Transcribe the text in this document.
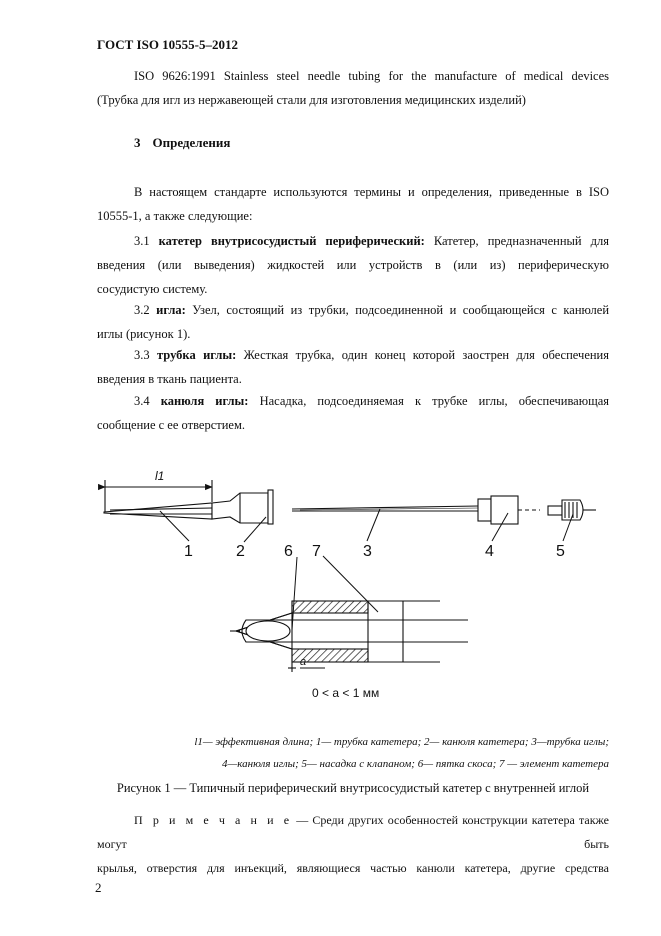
ГОСТ ISO 10555-5–2012
ISO 9626:1991 Stainless steel needle tubing for the manufacture of medical devices
(Трубка для игл из нержавеющей стали для изготовления медицинских изделий)
3 Определения
В настоящем стандарте используются термины и определения, приведенные в ISO
10555-1, а также следующие:
3.1 катетер внутрисосудистый периферический: Катетер, предназначенный для
введения (или выведения) жидкостей или устройств в (или из) периферическую
сосудистую систему.
3.2 игла: Узел, состоящий из трубки, подсоединенной и сообщающейся с канюлей
иглы (рисунок 1).
3.3 трубка иглы: Жесткая трубка, один конец которой заострен для обеспечения
введения в ткань пациента.
3.4 канюля иглы: Насадка, подсоединяемая к трубке иглы, обеспечивающая
сообщение с ее отверстием.
1	2 6 7	3	4	5
l1
a
0 < a < 1 мм
l1— эффективная длина; 1— трубка катетера; 2— канюля катетера; 3—трубка иглы;
4—канюля иглы; 5— насадка с клапаном; 6— пятка скоса; 7 — элемент катетера
Рисунок 1 — Типичный периферический внутрисосудистый катетер с внутренней иглой
П р и м е ч а н и е — Среди других особенностей конструкции катетера также могут быть
крылья, отверстия для инъекций, являющиеся частью канюли катетера, другие средства
2
